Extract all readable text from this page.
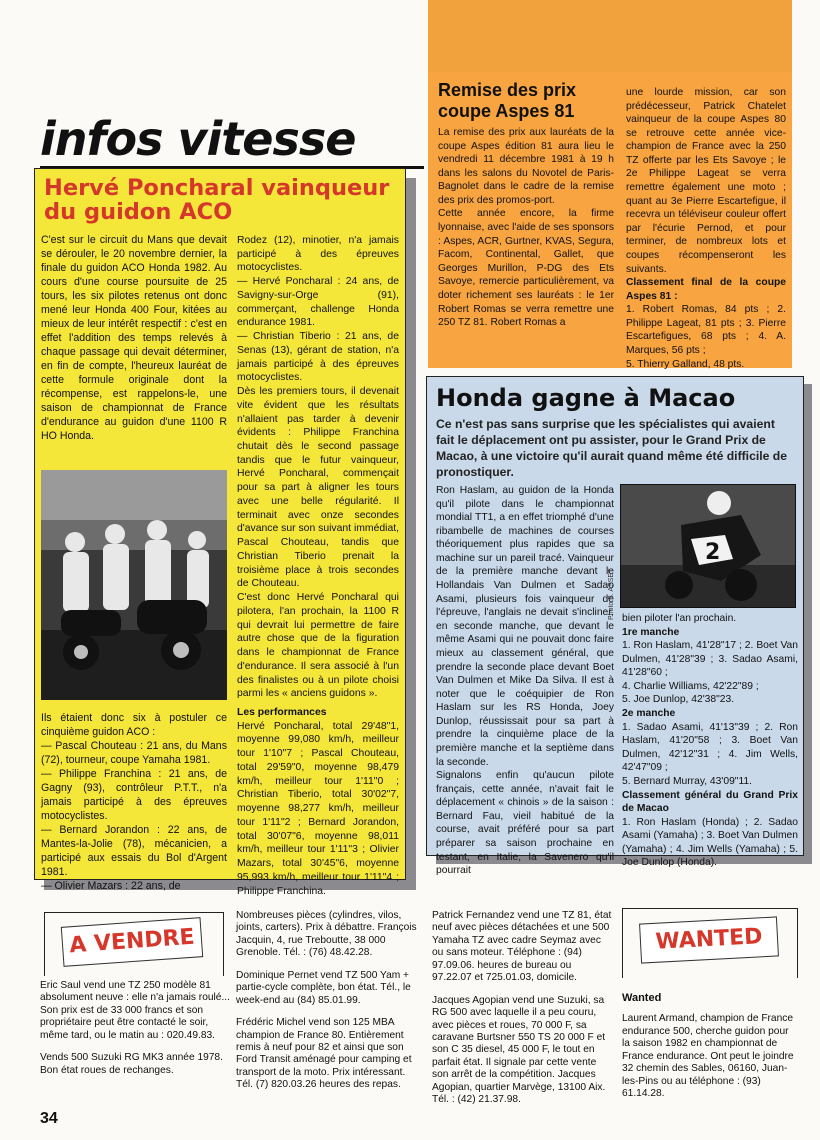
Remise des prix coupe Aspes 81

La remise des prix aux lauréats de la coupe Aspes édition 81 aura lieu le vendredi 11 décembre 1981 à 19 h dans les salons du Novotel de Paris-Bagnolet dans le cadre de la remise des prix des promos-port.

Cette année encore, la firme lyonnaise, avec l'aide de ses sponsors : Aspes, ACR, Gurtner, KVAS, Segura, Facom, Continental, Gallet, que Georges Murillon, P-DG des Ets Savoye, remercie particulièrement, va doter richement ses lauréats : le 1er Robert Romas se verra remettre une 250 TZ 81. Robert Romas a

une lourde mission, car son prédécesseur, Patrick Chatelet vainqueur de la coupe Aspes 80 se retrouve cette année vice-champion de France avec la 250 TZ offerte par les Ets Savoye ; le 2e Philippe Lageat se verra remettre également une moto ; quant au 3e Pierre Escartefigue, il recevra un téléviseur couleur offert par l'écurie Pernod, et pour terminer, de nombreux lots et coupes récompenseront les suivants.

Classement final de la coupe Aspes 81 :

1. Robert Romas, 84 pts ; 2. Philippe Lageat, 81 pts ; 3. Pierre Escartefigues, 68 pts ; 4. A. Marques, 56 pts ;

5. Thierry Galland, 48 pts.

infos vitesse
Hervé Poncharal vainqueur du guidon ACO

C'est sur le circuit du Mans que devait se dérouler, le 20 novembre dernier, la finale du guidon ACO Honda 1982. Au cours d'une course poursuite de 25 tours, les six pilotes retenus ont donc mené leur Honda 400 Four, kitées au mieux de leur intérêt respectif : c'est en effet l'addition des temps relevés à chaque passage qui devait déterminer, en fin de compte, l'heureux lauréat de cette formule originale dont la récompense, est rappelons-le, une saison de championnat de France d'endurance au guidon d'une 1100 R HO Honda.

Ils étaient donc six à postuler ce cinquième guidon ACO :

— Pascal Chouteau : 21 ans, du Mans (72), tourneur, coupe Yamaha 1981.

— Philippe Franchina : 21 ans, de Gagny (93), contrôleur P.T.T., n'a jamais participé à des épreuves motocyclistes.

— Bernard Jorandon : 22 ans, de Mantes-la-Jolie (78), mécanicien, a participé aux essais du Bol d'Argent 1981.

— Olivier Mazars : 22 ans, de

Rodez (12), minotier, n'a jamais participé à des épreuves motocyclistes.

— Hervé Poncharal : 24 ans, de Savigny-sur-Orge (91), commerçant, challenge Honda endurance 1981.

— Christian Tiberio : 21 ans, de Senas (13), gérant de station, n'a jamais participé à des épreuves motocyclistes.

Dès les premiers tours, il devenait vite évident que les résultats n'allaient pas tarder à devenir évidents : Philippe Franchina chutait dès le second passage tandis que le futur vainqueur, Hervé Poncharal, commençait pour sa part à aligner les tours avec une belle régularité. Il terminait avec onze secondes d'avance sur son suivant immédiat, Pascal Chouteau, tandis que Christian Tiberio prenait la troisième place à trois secondes de Chouteau.

C'est donc Hervé Poncharal qui pilotera, l'an prochain, la 1100 R qui devrait lui permettre de faire autre chose que de la figuration dans le championnat de France d'endurance. Il sera associé à l'un des finalistes ou à un pilote choisi parmi les « anciens guidons ».

Les performances

Hervé Poncharal, total 29'48"1, moyenne 99,080 km/h, meilleur tour 1'10"7 ; Pascal Chouteau, total 29'59"0, moyenne 98,479 km/h, meilleur tour 1'11"0 ; Christian Tiberio, total 30'02"7, moyenne 98,277 km/h, meilleur tour 1'11"2 ; Bernard Jorandon, total 30'07"6, moyenne 98,011 km/h, meilleur tour 1'11"3 ; Olivier Mazars, total 30'45"6, moyenne 95,993 km/h, meilleur tour 1'11"4 ; Philippe Franchina.

Honda gagne à Macao
Ce n'est pas sans surprise que les spécialistes qui avaient fait le déplacement ont pu assister, pour le Grand Prix de Macao, à une victoire qu'il aurait quand même été difficile de pronostiquer.

Ron Haslam, au guidon de la Honda qu'il pilote dans le championnat mondial TT1, a en effet triomphé d'une ribambelle de machines de courses théoriquement plus rapides que sa machine sur un pareil tracé. Vainqueur de la première manche devant le Hollandais Van Dulmen et Sadao Asami, plusieurs fois vainqueur de l'épreuve, l'anglais ne devait s'incliner, en seconde manche, que devant le même Asami qui ne pouvait donc faire mieux au classement général, que prendre la seconde place devant Boet Van Dulmen et Mike Da Silva. Il est à noter que le coéquipier de Ron Haslam sur les RS Honda, Joey Dunlop, réussissait pour sa part à prendre la cinquième place de la première manche et la septième dans la seconde.

Signalons enfin qu'aucun pilote français, cette année, n'avait fait le déplacement « chinois » de la saison : Bernard Fau, vieil habitué de la course, avait préféré pour sa part préparer sa saison prochaine en testant, en Italie, la Savenero qu'il pourrait

2
Photo B. ASSET bien piloter l'an prochain.

1re manche

1. Ron Haslam, 41'28"17 ; 2. Boet Van Dulmen, 41'28"39 ; 3. Sadao Asami, 41'28"60 ;

4. Charlie Williams, 42'22"89 ;

5. Joe Dunlop, 42'38"23.

2e manche

1. Sadao Asami, 41'13"39 ; 2. Ron Haslam, 41'20"58 ; 3. Boet Van Dulmen, 42'12"31 ; 4. Jim Wells, 42'47"09 ;

5. Bernard Murray, 43'09"11.

Classement général du Grand Prix de Macao

1. Ron Haslam (Honda) ; 2. Sadao Asami (Yamaha) ; 3. Boet Van Dulmen (Yamaha) ; 4. Jim Wells (Yamaha) ; 5. Joe Dunlop (Honda).

A VENDRE

Eric Saul vend une TZ 250 modèle 81 absolument neuve : elle n'a jamais roulé... Son prix est de 33 000 francs et son propriétaire peut être contacté le soir, même tard, ou le matin au : 020.49.83.

Vends 500 Suzuki RG MK3 année 1978. Bon état roues de rechanges.

Nombreuses pièces (cylindres, vilos, joints, carters). Prix à débattre. François Jacquin, 4, rue Treboutte, 38 000 Grenoble. Tél. : (76) 48.42.28.

Dominique Pernet vend TZ 500 Yam + partie-cycle complète, bon état. Tél., le week-end au (84) 85.01.99.

Frédéric Michel vend son 125 MBA champion de France 80. Entièrement remis à neuf pour 82 et ainsi que son Ford Transit aménagé pour camping et transport de la moto. Prix intéressant. Tél. (7) 820.03.26 heures des repas.

Patrick Fernandez vend une TZ 81, état neuf avec pièces détachées et une 500 Yamaha TZ avec cadre Seymaz avec ou sans moteur. Téléphone : (94) 97.09.06. heures de bureau ou 97.22.07 et 725.01.03, domicile.

Jacques Agopian vend une Suzuki, sa RG 500 avec laquelle il a peu couru, avec pièces et roues, 70 000 F, sa caravane Burtsner 550 TS 20 000 F et son C 35 diesel, 45 000 F, le tout en parfait état. Il signale par cette vente son arrêt de la compétition. Jacques Agopian, quartier Marvège, 13100 Aix. Tél. : (42) 21.37.98.

WANTED

Wanted

Laurent Armand, champion de France endurance 500, cherche guidon pour la saison 1982 en championnat de France endurance. Ont peut le joindre 32 chemin des Sables, 06160, Juan-les-Pins ou au téléphone : (93) 61.14.28.

34
